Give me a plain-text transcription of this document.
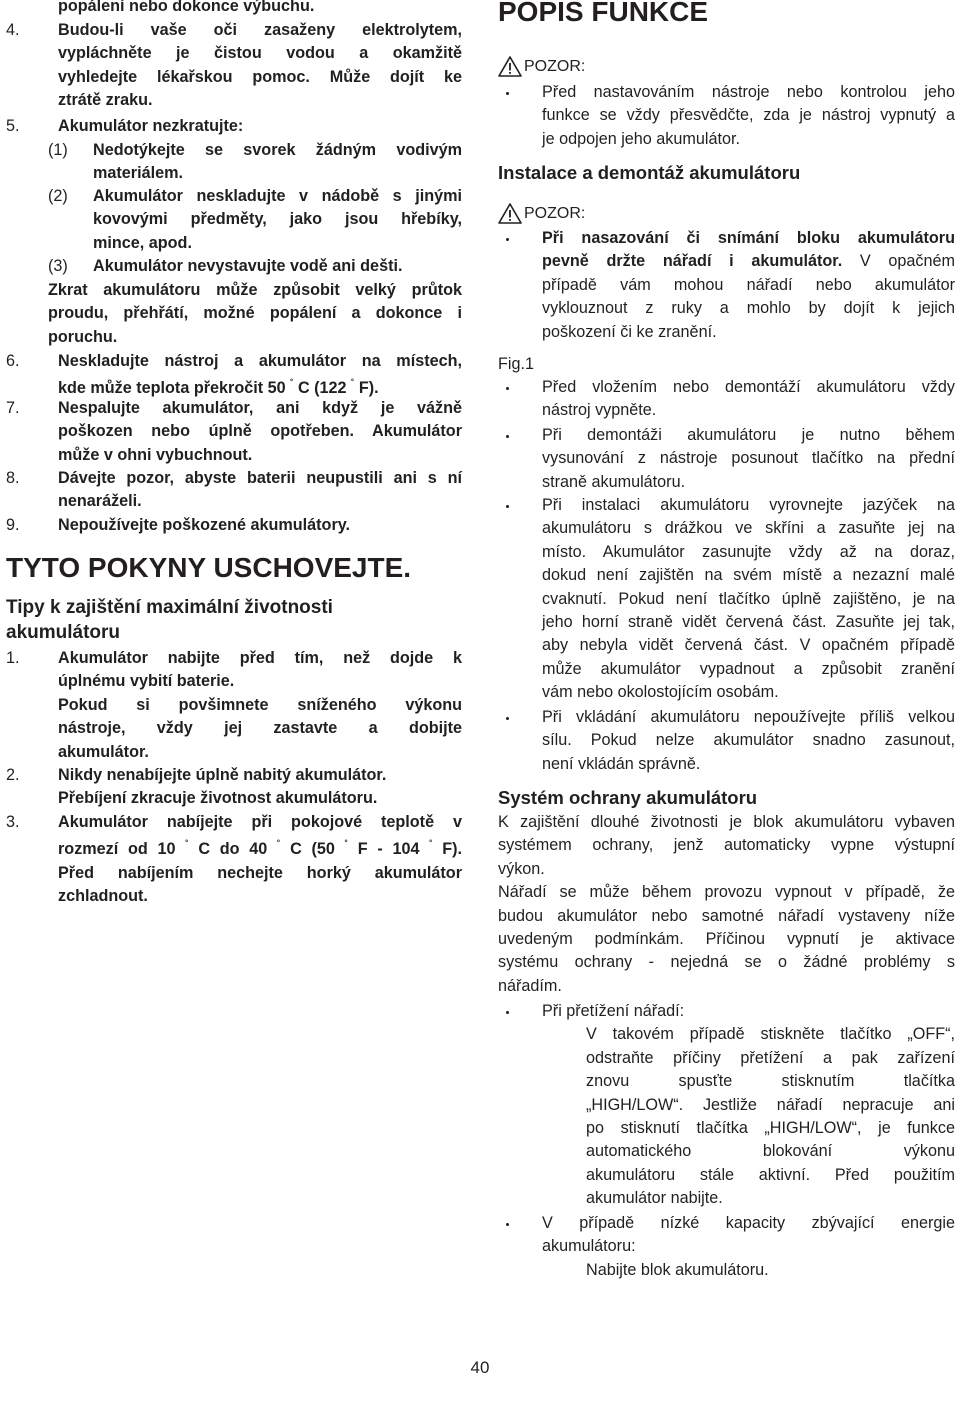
popálení nebo dokonce výbuchu.
4. Budou-li vaše oči zasaženy elektrolytem,
vypláchněte je čistou vodou a okamžitě
vyhledejte lékařskou pomoc. Může dojít ke
ztrátě zraku.
5. Akumulátor nezkratujte:
(1) Nedotýkejte se svorek žádným vodivým
materiálem.
(2) Akumulátor neskladujte v nádobě s jinými
kovovými předměty, jako jsou hřebíky,
mince, apod.
(3) Akumulátor nevystavujte vodě ani dešti.
Zkrat akumulátoru může způsobit velký průtok
proudu, přehřátí, možné popálení a dokonce i
poruchu.
6. Neskladujte nástroj a akumulátor na místech,
kde může teplota překročit 50 ˚ C (122 ˚ F).
7. Nespalujte akumulátor, ani když je vážně
poškozen nebo úplně opotřeben. Akumulátor
může v ohni vybuchnout.
8. Dávejte pozor, abyste baterii neupustili ani s ní
nenaráželi.
9. Nepoužívejte poškozené akumulátory.
TYTO POKYNY USCHOVEJTE.
Tipy k zajištění maximální životnosti
akumulátoru
1. Akumulátor nabijte před tím, než dojde k
úplnému vybití baterie.
Pokud si povšimnete sníženého výkonu
nástroje, vždy jej zastavte a dobijte
akumulátor.
2. Nikdy nenabíjejte úplně nabitý akumulátor.
Přebíjení zkracuje životnost akumulátoru.
3. Akumulátor nabíjejte při pokojové teplotě v
rozmezí od 10 ˚ C do 40 ˚ C (50 ˚ F - 104 ˚ F).
Před nabíjením nechejte horký akumulátor
zchladnout.
POPIS FUNKCE
POZOR:
Před nastavováním nástroje nebo kontrolou jeho
funkce se vždy přesvědčte, zda je nástroj vypnutý a
je odpojen jeho akumulátor.
Instalace a demontáž akumulátoru
POZOR:
Při nasazování či snímání bloku akumulátoru
pevně držte nářadí i akumulátor. V opačném
případě vám mohou nářadí nebo akumulátor
vyklouznout z ruky a mohlo by dojít k jejich
poškození či ke zranění.
Fig.1
Před vložením nebo demontáží akumulátoru vždy
nástroj vypněte.
Při demontáži akumulátoru je nutno během
vysunování z nástroje posunout tlačítko na přední
straně akumulátoru.
Při instalaci akumulátoru vyrovnejte jazýček na
akumulátoru s drážkou ve skříni a zasuňte jej na
místo. Akumulátor zasunujte vždy až na doraz,
dokud není zajištěn na svém místě a nezazní malé
cvaknutí. Pokud není tlačítko úplně zajištěno, je na
jeho horní straně vidět červená část. Zasuňte jej tak,
aby nebyla vidět červená část. V opačném případě
může akumulátor vypadnout a způsobit zranění
vám nebo okolostojícím osobám.
Při vkládání akumulátoru nepoužívejte příliš velkou
sílu. Pokud nelze akumulátor snadno zasunout,
není vkládán správně.
Systém ochrany akumulátoru
K zajištění dlouhé životnosti je blok akumulátoru vybaven
systémem ochrany, jenž automaticky vypne výstupní
výkon.
Nářadí se může během provozu vypnout v případě, že
budou akumulátor nebo samotné nářadí vystaveny níže
uvedeným podmínkám. Příčinou vypnutí je aktivace
systému ochrany - nejedná se o žádné problémy s
nářadím.
Při přetížení nářadí:
V takovém případě stiskněte tlačítko „OFF“,
odstraňte příčiny přetížení a pak zařízení
znovu spusťte stisknutím tlačítka
„HIGH/LOW“. Jestliže nářadí nepracuje ani
po stisknutí tlačítka „HIGH/LOW“, je funkce
automatického blokování výkonu
akumulátoru stále aktivní. Před použitím
akumulátor nabijte.
V případě nízké kapacity zbývající energie
akumulátoru:
Nabijte blok akumulátoru.
40
